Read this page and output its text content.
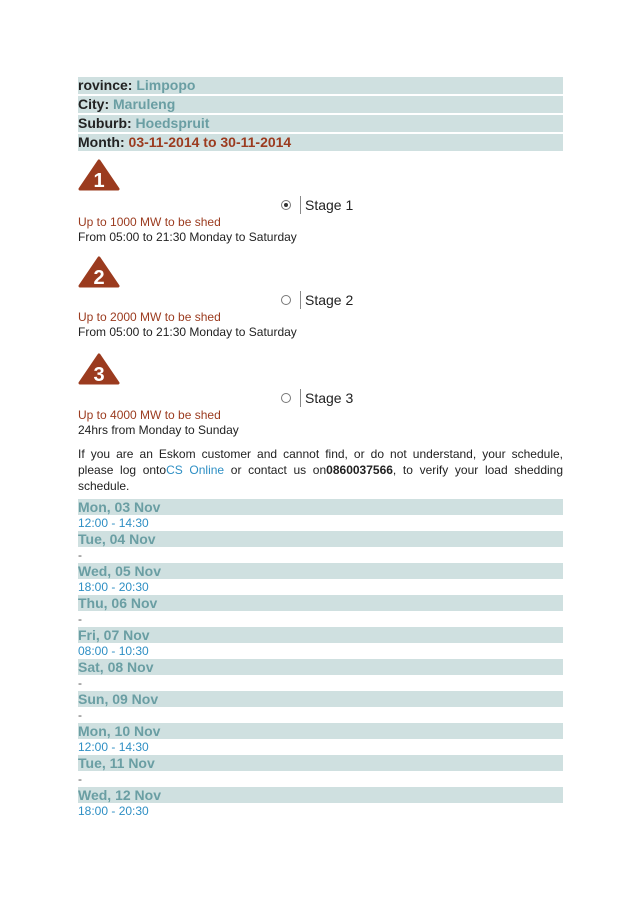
rovince: Limpopo
City: Maruleng
Suburb: Hoedspruit
Month: 03-11-2014 to 30-11-2014
1
Stage 1
Up to 1000 MW to be shed
From 05:00 to 21:30 Monday to Saturday
2
Stage 2
Up to 2000 MW to be shed
From 05:00 to 21:30 Monday to Saturday
3
Stage 3
Up to 4000 MW to be shed
24hrs from Monday to Sunday
If you are an Eskom customer and cannot find, or do not understand, your schedule, please log ontoCS Online or contact us on0860037566, to verify your load shedding schedule.
Mon, 03 Nov
12:00 - 14:30
Tue, 04 Nov
-
Wed, 05 Nov
18:00 - 20:30
Thu, 06 Nov
-
Fri, 07 Nov
08:00 - 10:30
Sat, 08 Nov
-
Sun, 09 Nov
-
Mon, 10 Nov
12:00 - 14:30
Tue, 11 Nov
-
Wed, 12 Nov
18:00 - 20:30
